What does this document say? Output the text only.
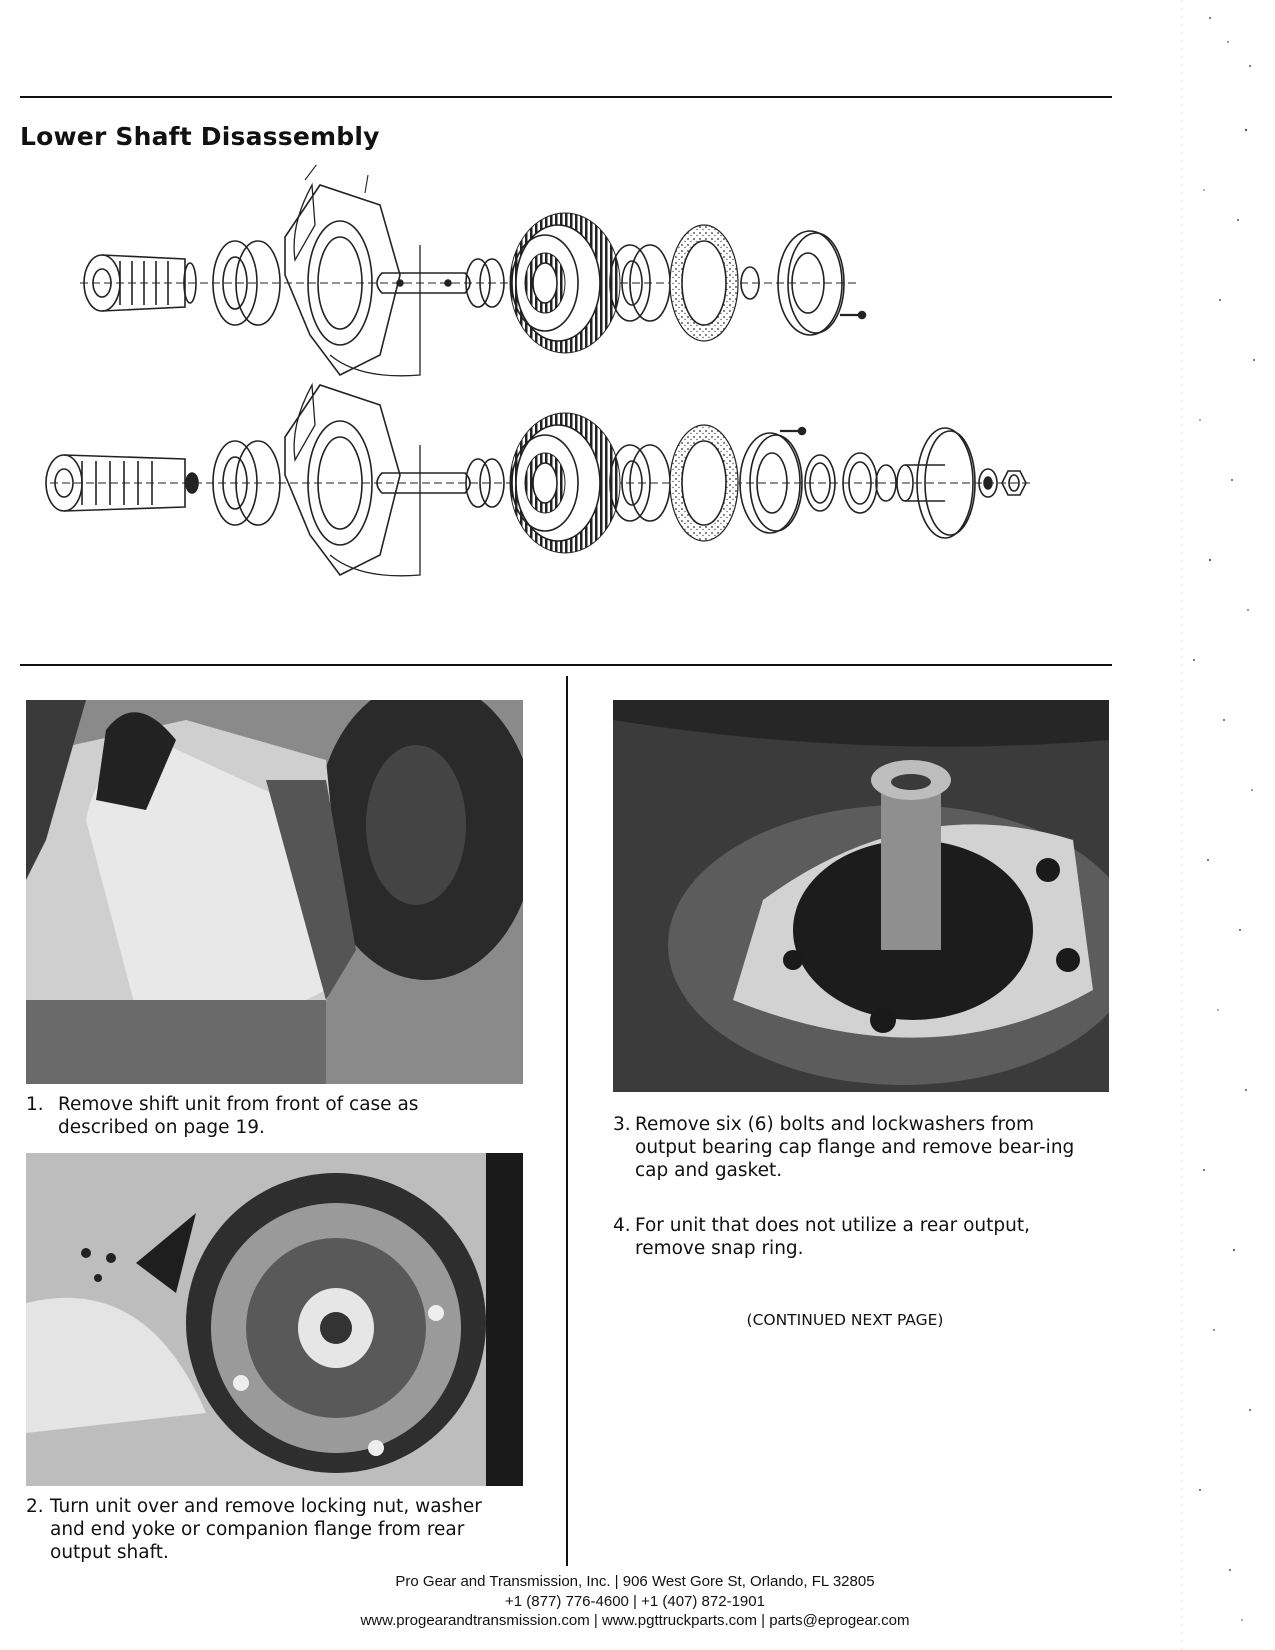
Lower Shaft Disassembly
1. Remove shift unit from front of case as described on page 19.
2. Turn unit over and remove locking nut, washer and end yoke or companion flange from rear output shaft.
3. Remove six (6) bolts and lockwashers from output bearing cap flange and remove bear-ing cap and gasket.
4. For unit that does not utilize a rear output, remove snap ring.
(CONTINUED NEXT PAGE)
Pro Gear and Transmission, Inc. | 906 West Gore St, Orlando, FL 32805
+1 (877) 776-4600 | +1 (407) 872-1901
www.progearandtransmission.com | www.pgttruckparts.com | parts@eprogear.com
